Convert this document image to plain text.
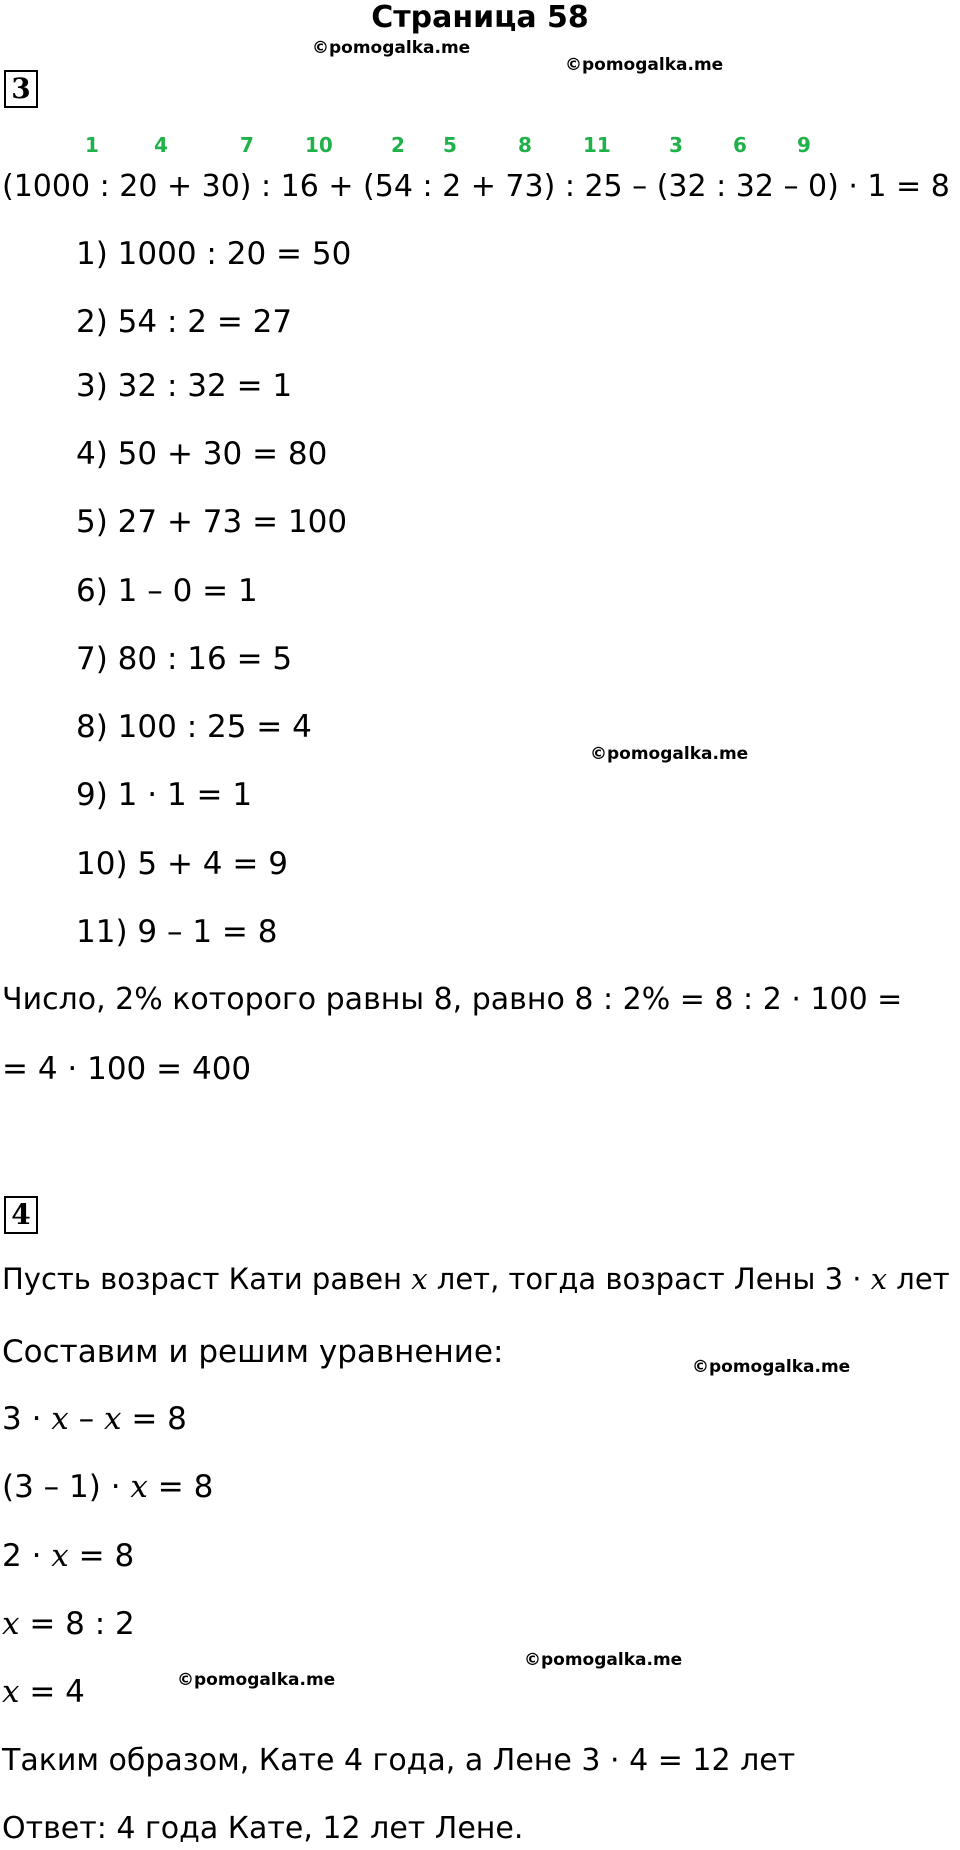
Страница 58
©pomogalka.me
©pomogalka.me
©pomogalka.me
©pomogalka.me
©pomogalka.me
©pomogalka.me
3
1	4	7	10	2 5	8	11	3	6	9
(1000 : 20 + 30) : 16 + (54 : 2 + 73) : 25 – (32 : 32 – 0) · 1 = 8
1) 1000 : 20 = 50
2) 54 : 2 = 27
3) 32 : 32 = 1
4) 50 + 30 = 80
5) 27 + 73 = 100
6) 1 – 0 = 1
7) 80 : 16 = 5
8) 100 : 25 = 4
9) 1 · 1 = 1
10) 5 + 4 = 9
11) 9 – 1 = 8
Число, 2% которого равны 8, равно 8 : 2% = 8 : 2 · 100 =
= 4 · 100 = 400
4
Пусть возраст Кати равен x лет, тогда возраст Лены 3 · x лет
Составим и решим уравнение:
3 · x – x = 8
(3 – 1) · x = 8
2 · x = 8
x = 8 : 2
x = 4
Таким образом, Кате 4 года, а Лене 3 · 4 = 12 лет
Ответ: 4 года Кате, 12 лет Лене.
